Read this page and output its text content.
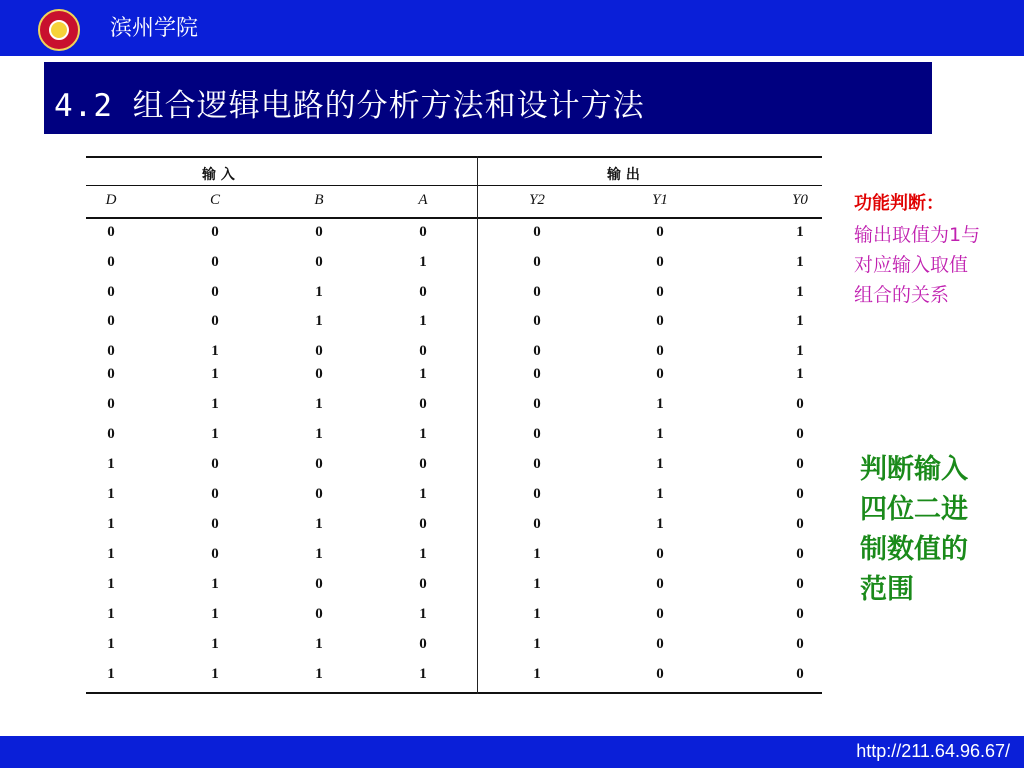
滨州学院
4.2 组合逻辑电路的分析方法和设计方法
输 入	输 出
D	C	B	A	Y2	Y1	Y0
0	0	0	0	0	0	1
0	0	0	1	0	0	1
0	0	1	0	0	0	1
0	0	1	1	0	0	1
0	1	0	0	0	0	1
0	1	0	1	0	0	1
0	1	1	0	0	1	0
0	1	1	1	0	1	0
1	0	0	0	0	1	0
1	0	0	1	0	1	0
1	0	1	0	0	1	0
1	0	1	1	1	0	0
1	1	0	0	1	0	0
1	1	0	1	1	0	0
1	1	1	0	1	0	0
1	1	1	1	1	0	0
功能判断：
输出取值为1与对应输入取值组合的关系
判断输入四位二进制数值的范围
http://211.64.96.67/
